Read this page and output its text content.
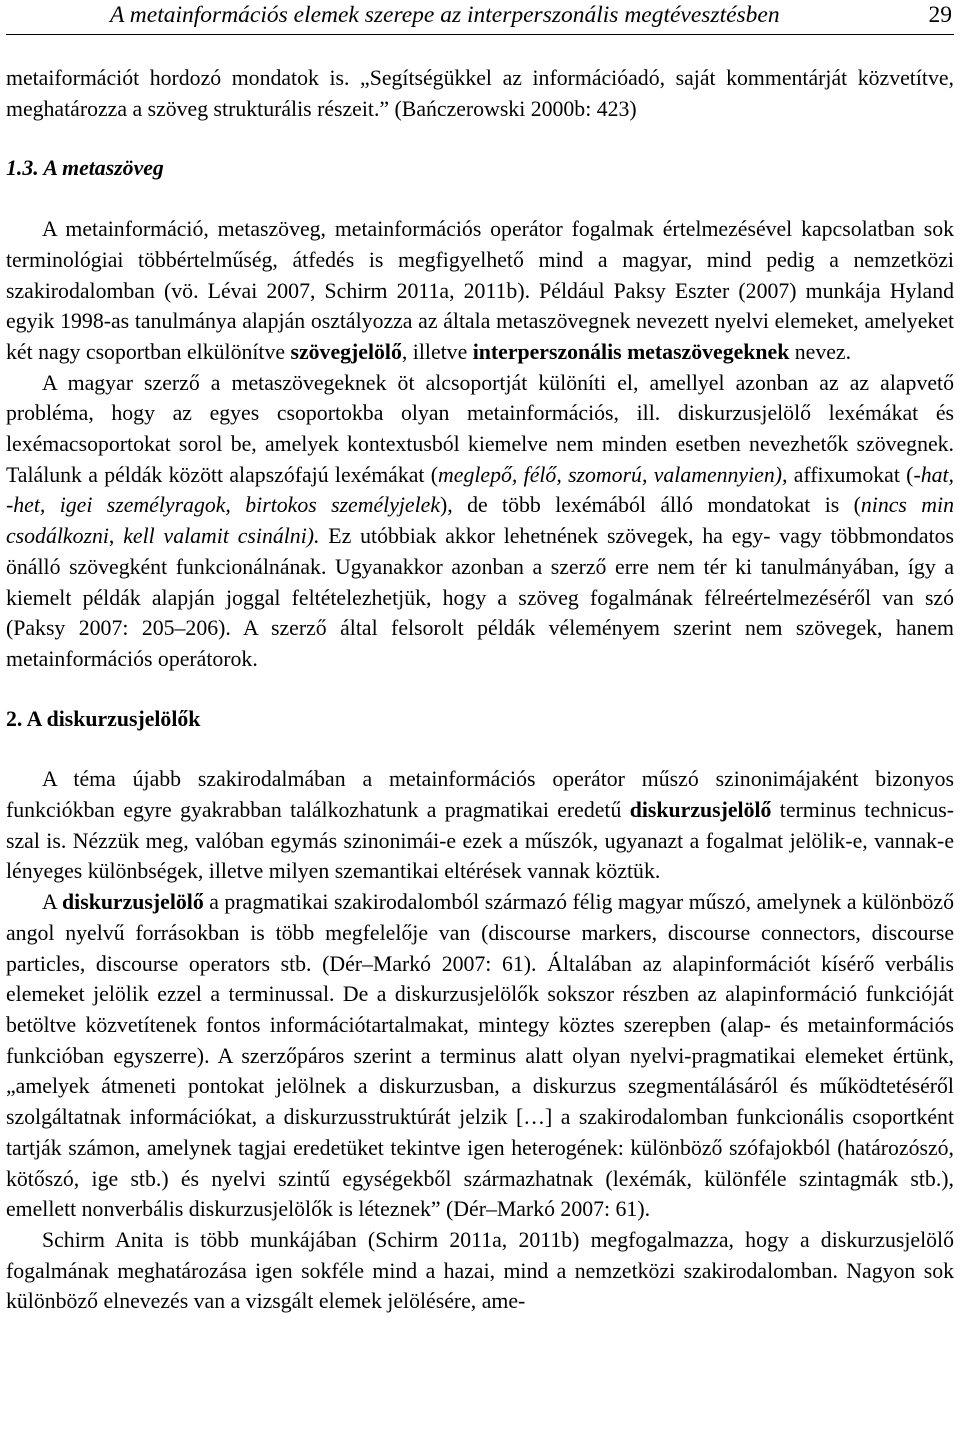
A metainformációs elemek szerepe az interperszonális megtévesztésben	29

metaiformációt hordozó mondatok is. „Segítségükkel az információadó, saját kommentárját közvetítve, meghatározza a szöveg strukturális részeit.” (Bańczerowski 2000b: 423)

1.3. A metaszöveg

A metainformáció, metaszöveg, metainformációs operátor fogalmak értelmezésével kapcsolatban sok terminológiai többértelműség, átfedés is megfigyelhető mind a magyar, mind pedig a nemzetközi szakirodalomban (vö. Lévai 2007, Schirm 2011a, 2011b). Például Paksy Eszter (2007) munkája Hyland egyik 1998-as tanulmánya alapján osztályozza az általa metaszövegnek nevezett nyelvi elemeket, amelyeket két nagy csoportban elkülönítve szövegjelölő, illetve interperszonális metaszövegeknek nevez.

A magyar szerző a metaszövegeknek öt alcsoportját különíti el, amellyel azonban az az alapvető probléma, hogy az egyes csoportokba olyan metainformációs, ill. diskurzusjelölő lexémákat és lexémacsoportokat sorol be, amelyek kontextusból kiemelve nem minden esetben nevezhetők szövegnek. Találunk a példák között alapszófajú lexémákat (meglepő, félő, szomorú, valamennyien), affixumokat (-hat, -het, igei személyragok, birtokos személyjelek), de több lexémából álló mondatokat is (nincs min csodálkozni, kell valamit csinálni). Ez utóbbiak akkor lehetnének szövegek, ha egy- vagy többmondatos önálló szövegként funkcionálnának. Ugyanakkor azonban a szerző erre nem tér ki tanulmányában, így a kiemelt példák alapján joggal feltételezhetjük, hogy a szöveg fogalmának félreértelmezéséről van szó (Paksy 2007: 205–206). A szerző által felsorolt példák véleményem szerint nem szövegek, hanem metainformációs operátorok.

2. A diskurzusjelölők

A téma újabb szakirodalmában a metainformációs operátor műszó szinonimájaként bizonyos funkciókban egyre gyakrabban találkozhatunk a pragmatikai eredetű diskurzusjelölő terminus technicus-szal is. Nézzük meg, valóban egymás szinonimái-e ezek a műszók, ugyanazt a fogalmat jelölik-e, vannak-e lényeges különbségek, illetve milyen szemantikai eltérések vannak köztük.

A diskurzusjelölő a pragmatikai szakirodalomból származó félig magyar műszó, amelynek a különböző angol nyelvű forrásokban is több megfelelője van (discourse markers, discourse connectors, discourse particles, discourse operators stb. (Dér–Markó 2007: 61). Általában az alapinformációt kísérő verbális elemeket jelölik ezzel a terminussal. De a diskurzusjelölők sokszor részben az alapinformáció funkcióját betöltve közvetítenek fontos információtartalmakat, mintegy köztes szerepben (alap- és metainformációs funkcióban egyszerre). A szerzőpáros szerint a terminus alatt olyan nyelvi-pragmatikai elemeket értünk, „amelyek átmeneti pontokat jelölnek a diskurzusban, a diskurzus szegmentálásáról és működtetéséről szolgáltatnak információkat, a diskurzusstruktúrát jelzik […] a szakirodalomban funkcionális csoportként tartják számon, amelynek tagjai eredetüket tekintve igen heterogének: különböző szófajokból (határozószó, kötőszó, ige stb.) és nyelvi szintű egységekből származhatnak (lexémák, különféle szintagmák stb.), emellett nonverbális diskurzusjelölők is léteznek” (Dér–Markó 2007: 61).

Schirm Anita is több munkájában (Schirm 2011a, 2011b) megfogalmazza, hogy a diskurzusjelölő fogalmának meghatározása igen sokféle mind a hazai, mind a nemzetközi szakirodalomban. Nagyon sok különböző elnevezés van a vizsgált elemek jelölésére, ame-
